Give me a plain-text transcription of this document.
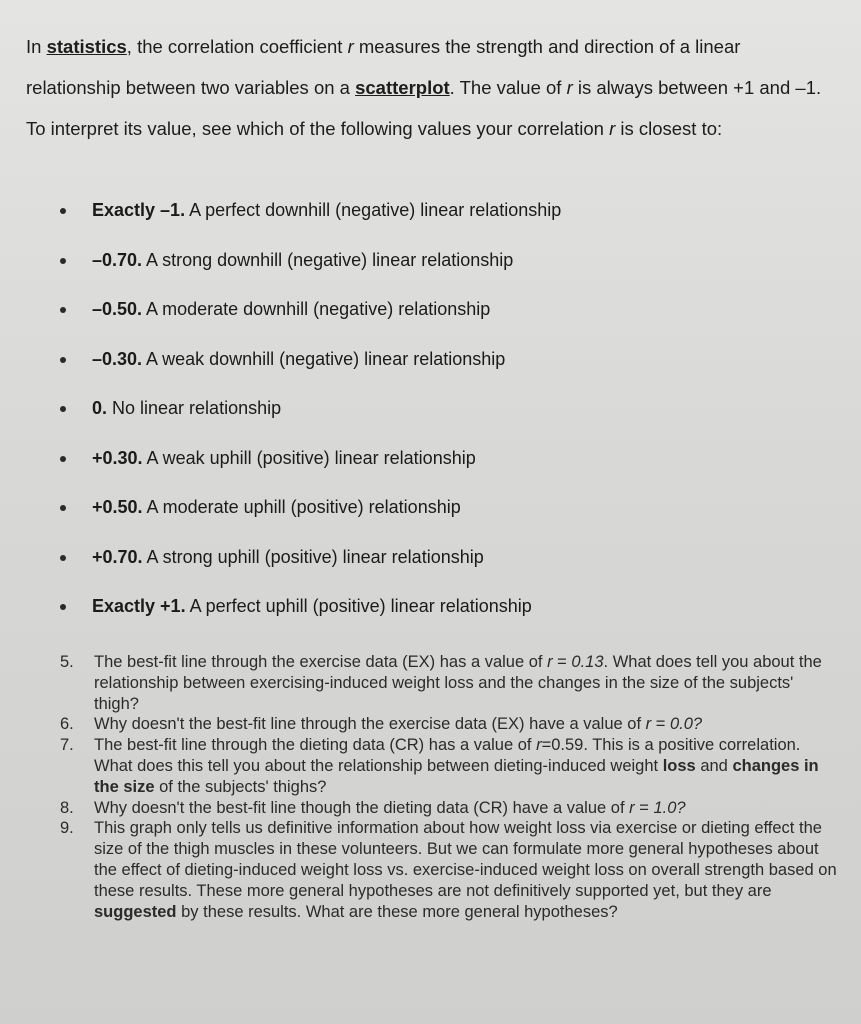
In statistics, the correlation coefficient r measures the strength and direction of a linear relationship between two variables on a scatterplot. The value of r is always between +1 and –1. To interpret its value, see which of the following values your correlation r is closest to:

Exactly –1. A perfect downhill (negative) linear relationship
–0.70. A strong downhill (negative) linear relationship
–0.50. A moderate downhill (negative) relationship
–0.30. A weak downhill (negative) linear relationship
0. No linear relationship
+0.30. A weak uphill (positive) linear relationship
+0.50. A moderate uphill (positive) relationship
+0.70. A strong uphill (positive) linear relationship
Exactly +1. A perfect uphill (positive) linear relationship
5. The best-fit line through the exercise data (EX) has a value of r = 0.13. What does tell you about the relationship between exercising-induced weight loss and the changes in the size of the subjects' thigh?
6. Why doesn't the best-fit line through the exercise data (EX) have a value of r = 0.0?
7. The best-fit line through the dieting data (CR) has a value of r=0.59. This is a positive correlation. What does this tell you about the relationship between dieting-induced weight loss and changes in the size of the subjects' thighs?
8. Why doesn't the best-fit line though the dieting data (CR) have a value of r = 1.0?
9. This graph only tells us definitive information about how weight loss via exercise or dieting effect the size of the thigh muscles in these volunteers. But we can formulate more general hypotheses about the effect of dieting-induced weight loss vs. exercise-induced weight loss on overall strength based on these results. These more general hypotheses are not definitively supported yet, but they are suggested by these results. What are these more general hypotheses?
